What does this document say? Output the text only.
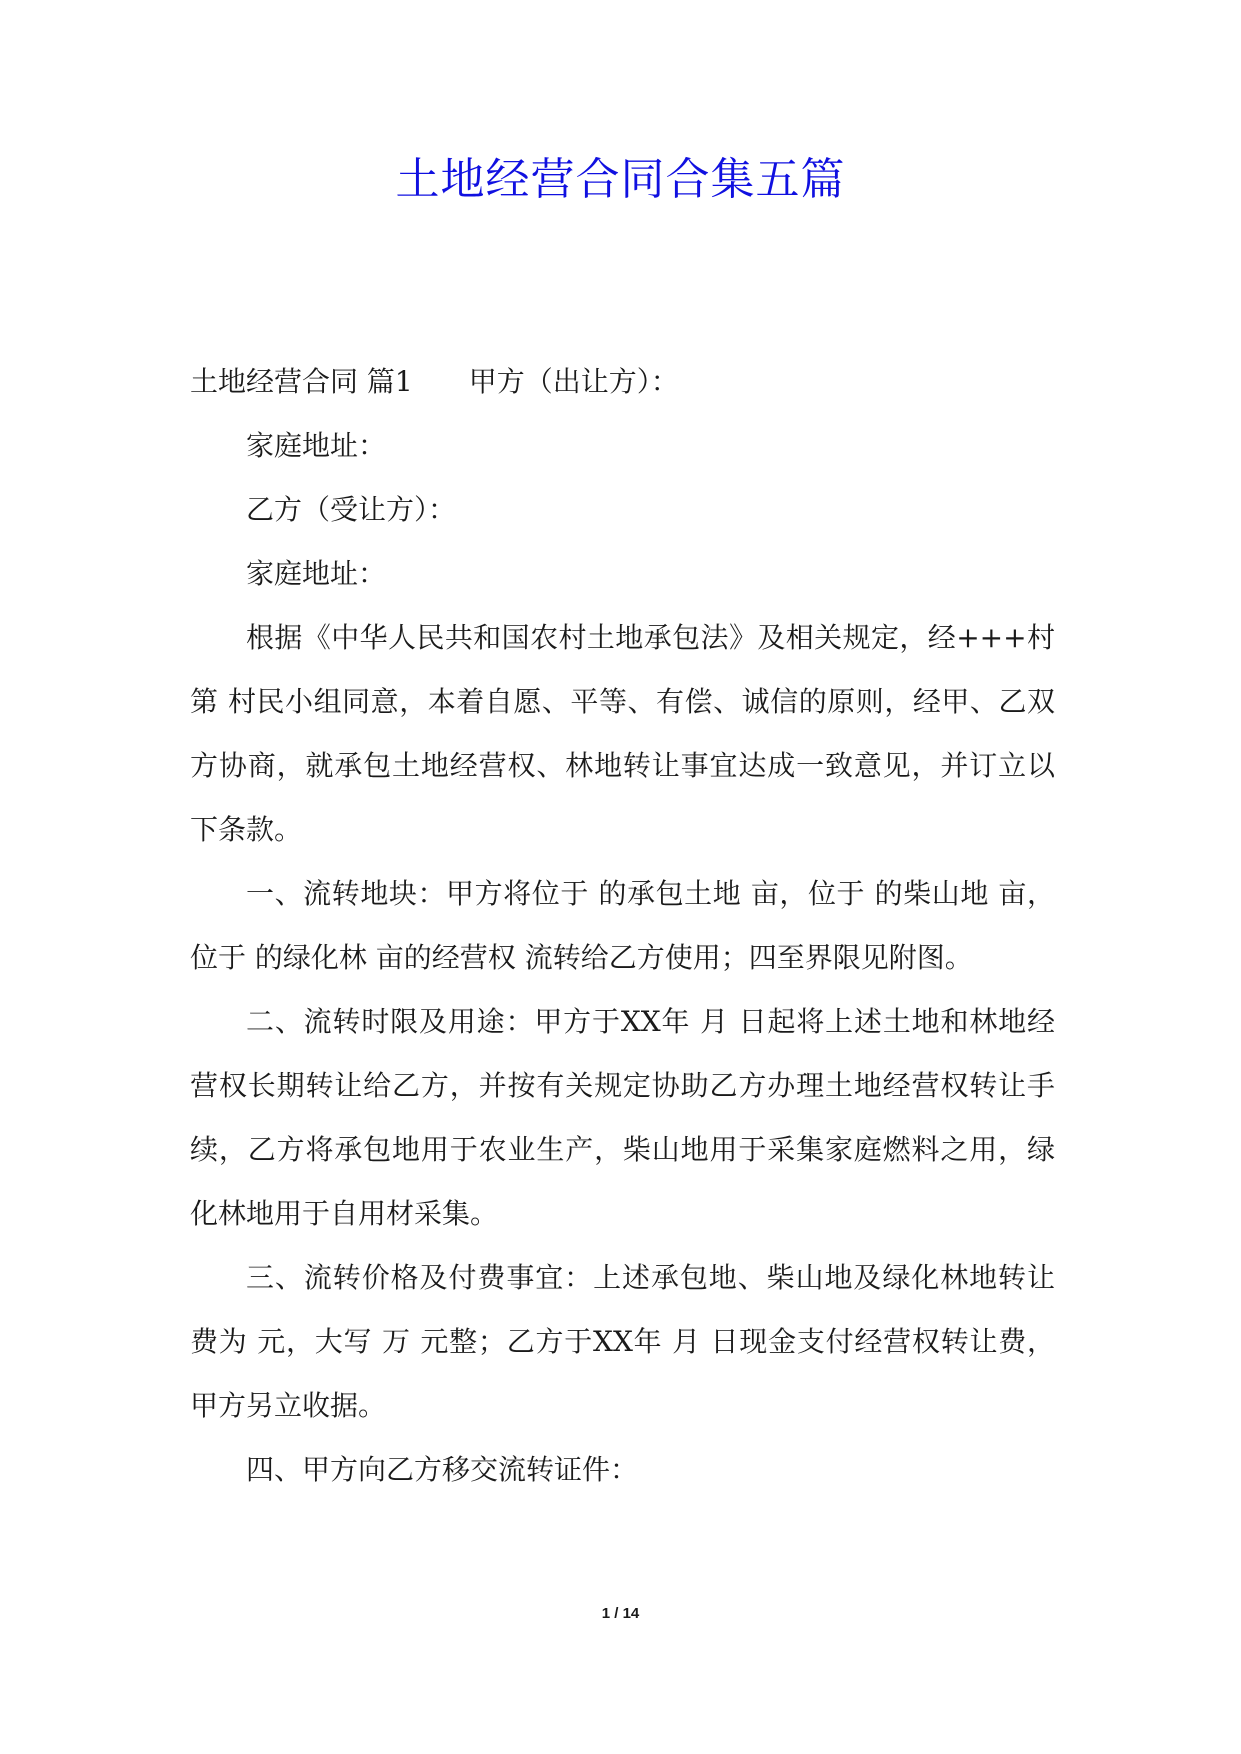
土地经营合同合集五篇

土地经营合同 篇1　　甲方（出让方）：

家庭地址：

乙方（受让方）：

家庭地址：

根据《中华人民共和国农村土地承包法》及相关规定，经+++村第 村民小组同意，本着自愿、平等、有偿、诚信的原则，经甲、乙双方协商，就承包土地经营权、林地转让事宜达成一致意见，并订立以下条款。

一、流转地块：甲方将位于 的承包土地 亩，位于 的柴山地 亩，位于 的绿化林 亩的经营权 流转给乙方使用；四至界限见附图。

二、流转时限及用途：甲方于XX年 月 日起将上述土地和林地经营权长期转让给乙方，并按有关规定协助乙方办理土地经营权转让手续，乙方将承包地用于农业生产，柴山地用于采集家庭燃料之用，绿化林地用于自用材采集。

三、流转价格及付费事宜：上述承包地、柴山地及绿化林地转让费为 元，大写 万 元整；乙方于XX年 月 日现金支付经营权转让费，甲方另立收据。

四、甲方向乙方移交流转证件：

1 / 14
